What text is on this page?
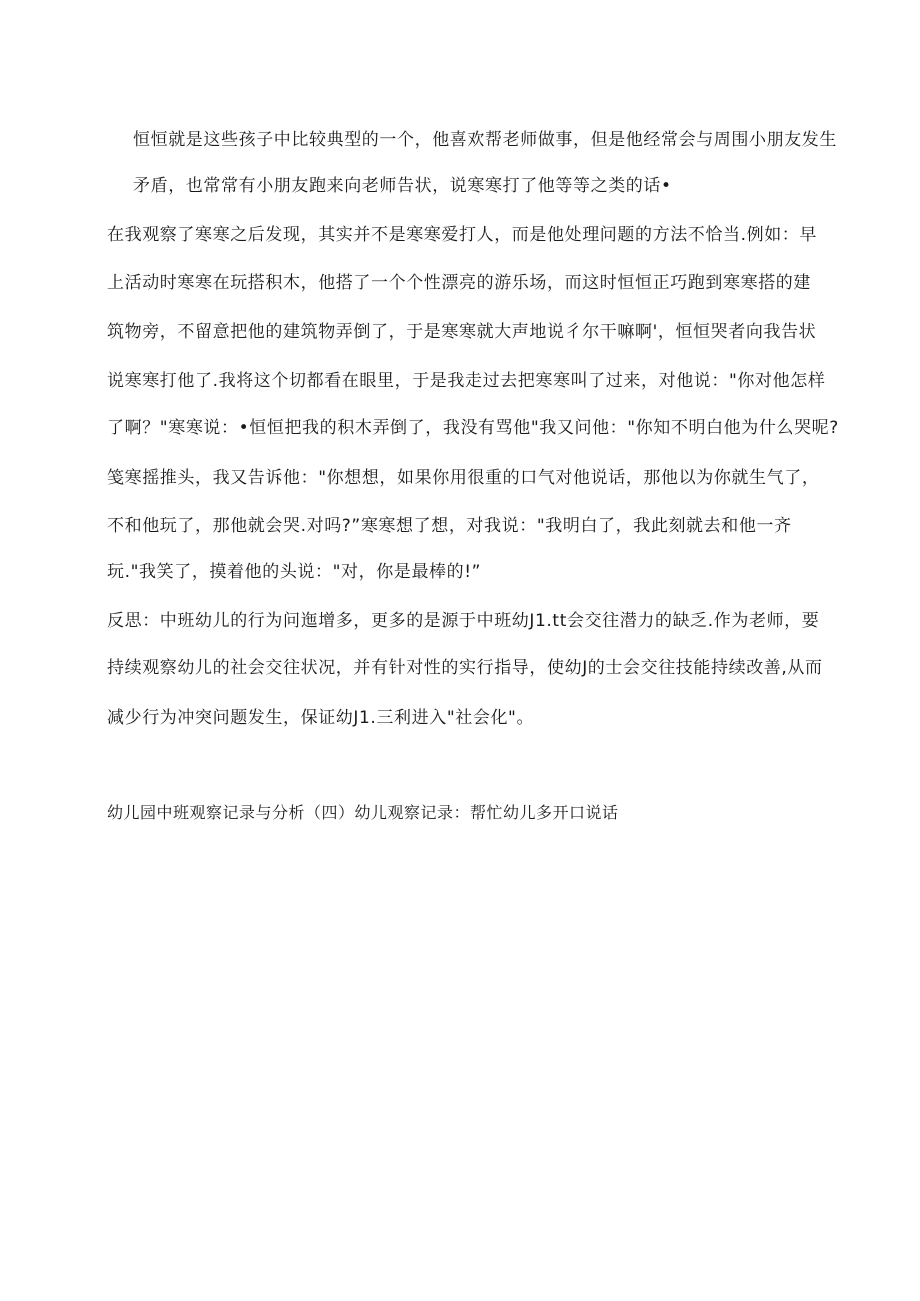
恒恒就是这些孩子中比较典型的一个，他喜欢帮老师做事，但是他经常会与周围小朋友发生
矛盾，也常常有小朋友跑来向老师告状，说寒寒打了他等等之类的话•
在我观察了寒寒之后发现，其实并不是寒寒爱打人，而是他处理问题的方法不恰当.例如：早
上活动时寒寒在玩搭积木，他搭了一个个性漂亮的游乐场，而这时恒恒正巧跑到寒寒搭的建
筑物旁，不留意把他的建筑物弄倒了，于是寒寒就大声地说彳尔干嘛啊'，恒恒哭者向我告状
说寒寒打他了.我将这个切都看在眼里，于是我走过去把寒寒叫了过来，对他说："你对他怎样
了啊？"寒寒说：•恒恒把我的积木弄倒了，我没有骂他"我又问他："你知不明白他为什么哭呢?
笺寒摇推头，我又告诉他："你想想，如果你用很重的口气对他说话，那他以为你就生气了，
不和他玩了，那他就会哭.对吗?”寒寒想了想，对我说："我明白了，我此刻就去和他一齐
玩."我笑了，摸着他的头说："对，你是最棒的!”
反思：中班幼儿的行为问迤增多，更多的是源于中班幼J1.tt会交往潜力的缺乏.作为老师，要
持续观察幼儿的社会交往状况，并有针对性的实行指导，使幼J的士会交往技能持续改善,从而
减少行为冲突问题发生，保证幼J1.三利进入"社会化"。
幼儿园中班观察记录与分析（四）幼儿观察记录：帮忙幼儿多开口说话
